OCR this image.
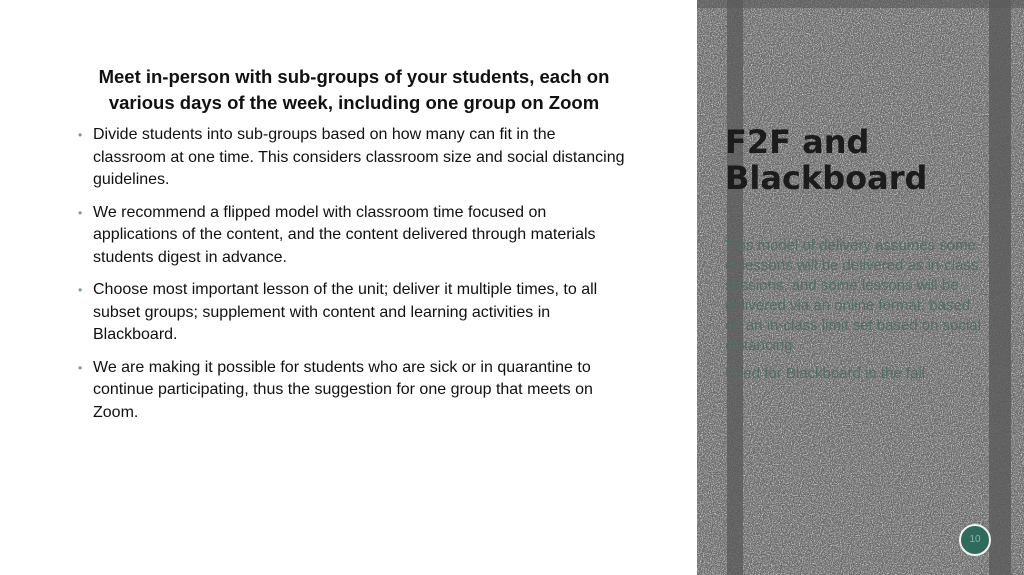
Meet in-person with sub-groups of your students, each on various days of the week, including one group on Zoom
• Divide students into sub-groups based on how many can fit in the classroom at one time. This considers classroom size and social distancing guidelines.
• We recommend a flipped model with classroom time focused on applications of the content, and the content delivered through materials students digest in advance.
• Choose most important lesson of the unit; deliver it multiple times, to all subset groups; supplement with content and learning activities in Blackboard.
• We are making it possible for students who are sick or in quarantine to continue participating, thus the suggestion for one group that meets on Zoom.
F2F and Blackboard

This model of delivery assumes some of lessons will be delivered as in-class sessions, and some lessons will be delivered via an online format, based on an in-class limit set based on social distancing

Used for Blackboard in the fall

10
